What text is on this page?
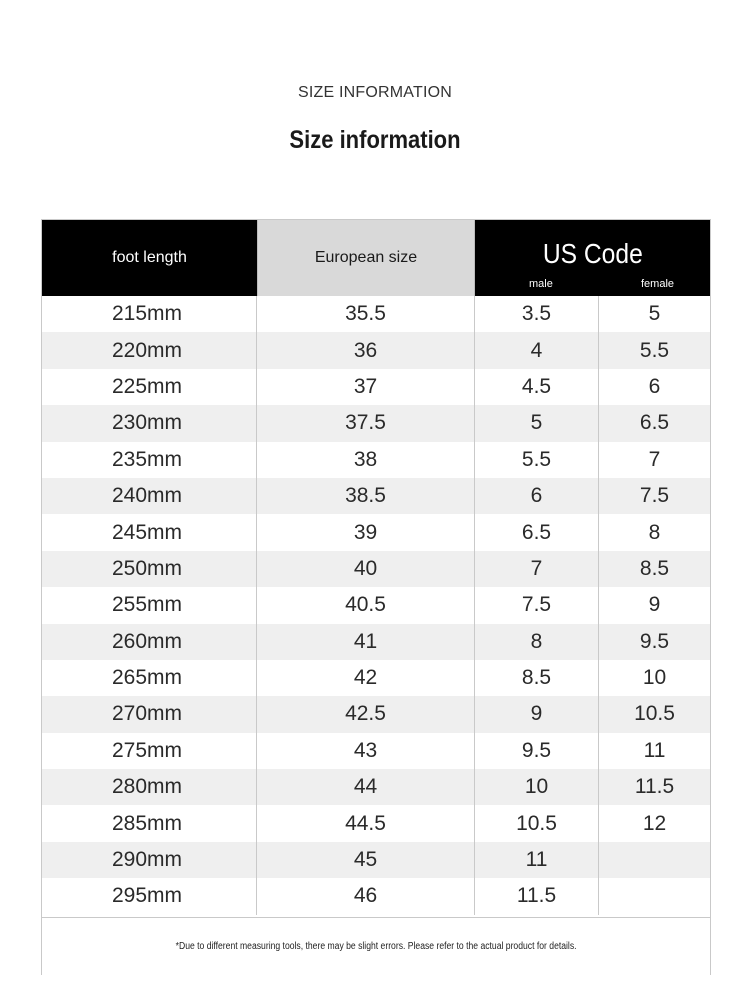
SIZE INFORMATION
Size information
foot length	European size	US Code
male	female
215mm	35.5	3.5	5
220mm	36	4	5.5
225mm	37	4.5	6
230mm	37.5	5	6.5
235mm	38	5.5	7
240mm	38.5	6	7.5
245mm	39	6.5	8
250mm	40	7	8.5
255mm	40.5	7.5	9
260mm	41	8	9.5
265mm	42	8.5	10
270mm	42.5	9	10.5
275mm	43	9.5	11
280mm	44	10	11.5
285mm	44.5	10.5	12
290mm	45	11
295mm	46	11.5
*Due to different measuring tools, there may be slight errors. Please refer to the actual product for details.
